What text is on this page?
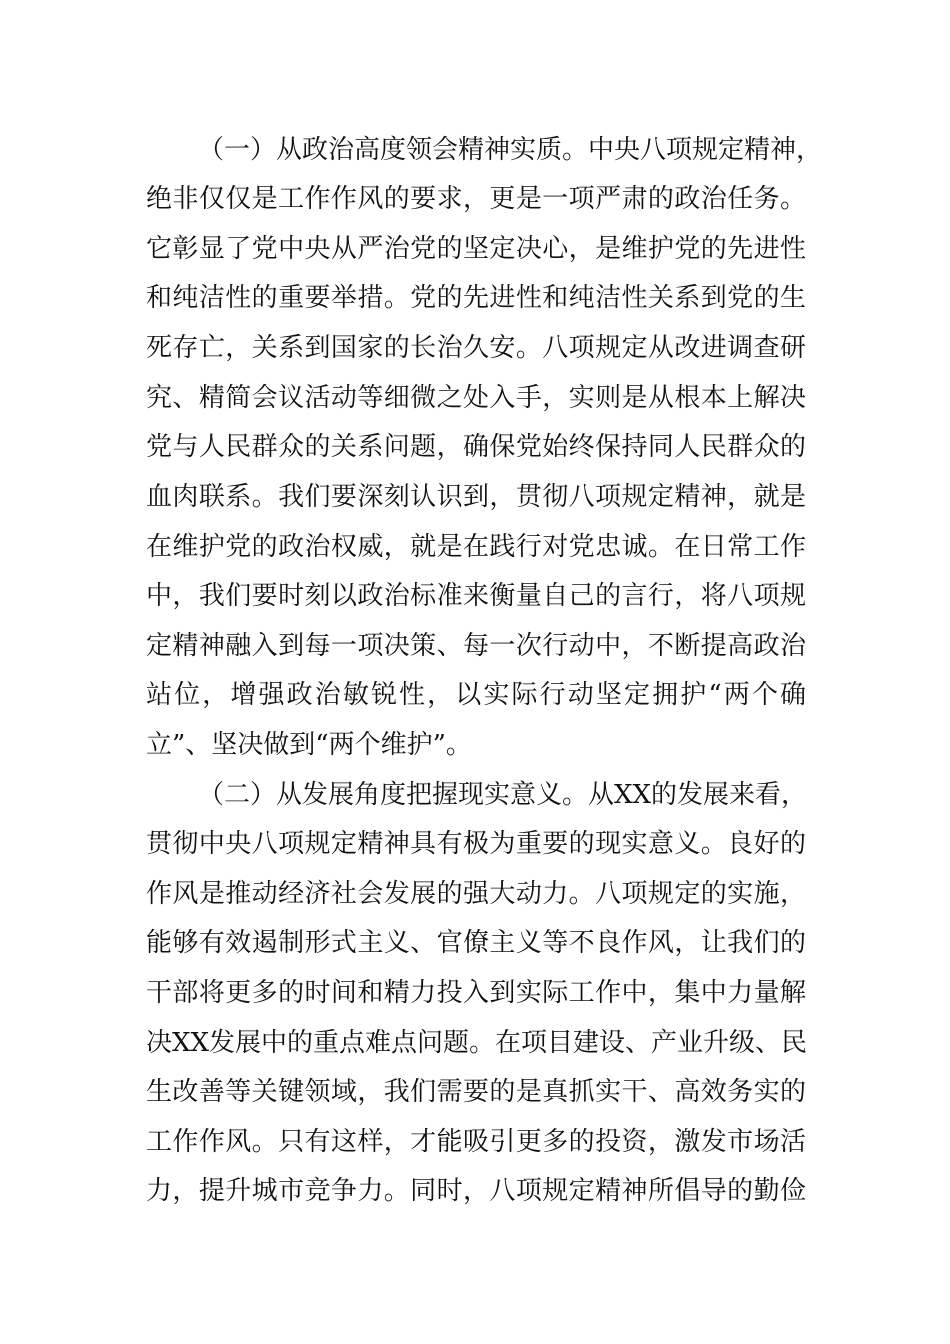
（一）从政治高度领会精神实质。中央八项规定精神，
绝非仅仅是工作作风的要求，更是一项严肃的政治任务。
它彰显了党中央从严治党的坚定决心，是维护党的先进性
和纯洁性的重要举措。党的先进性和纯洁性关系到党的生
死存亡，关系到国家的长治久安。八项规定从改进调查研
究、精简会议活动等细微之处入手，实则是从根本上解决
党与人民群众的关系问题，确保党始终保持同人民群众的
血肉联系。我们要深刻认识到，贯彻八项规定精神，就是
在维护党的政治权威，就是在践行对党忠诚。在日常工作
中，我们要时刻以政治标准来衡量自己的言行，将八项规
定精神融入到每一项决策、每一次行动中，不断提高政治
站位，增强政治敏锐性，以实际行动坚定拥护“两个确
立”、坚决做到“两个维护”。
（二）从发展角度把握现实意义。从XX的发展来看，
贯彻中央八项规定精神具有极为重要的现实意义。良好的
作风是推动经济社会发展的强大动力。八项规定的实施，
能够有效遏制形式主义、官僚主义等不良作风，让我们的
干部将更多的时间和精力投入到实际工作中，集中力量解
决XX发展中的重点难点问题。在项目建设、产业升级、民
生改善等关键领域，我们需要的是真抓实干、高效务实的
工作作风。只有这样，才能吸引更多的投资，激发市场活
力，提升城市竞争力。同时，八项规定精神所倡导的勤俭
